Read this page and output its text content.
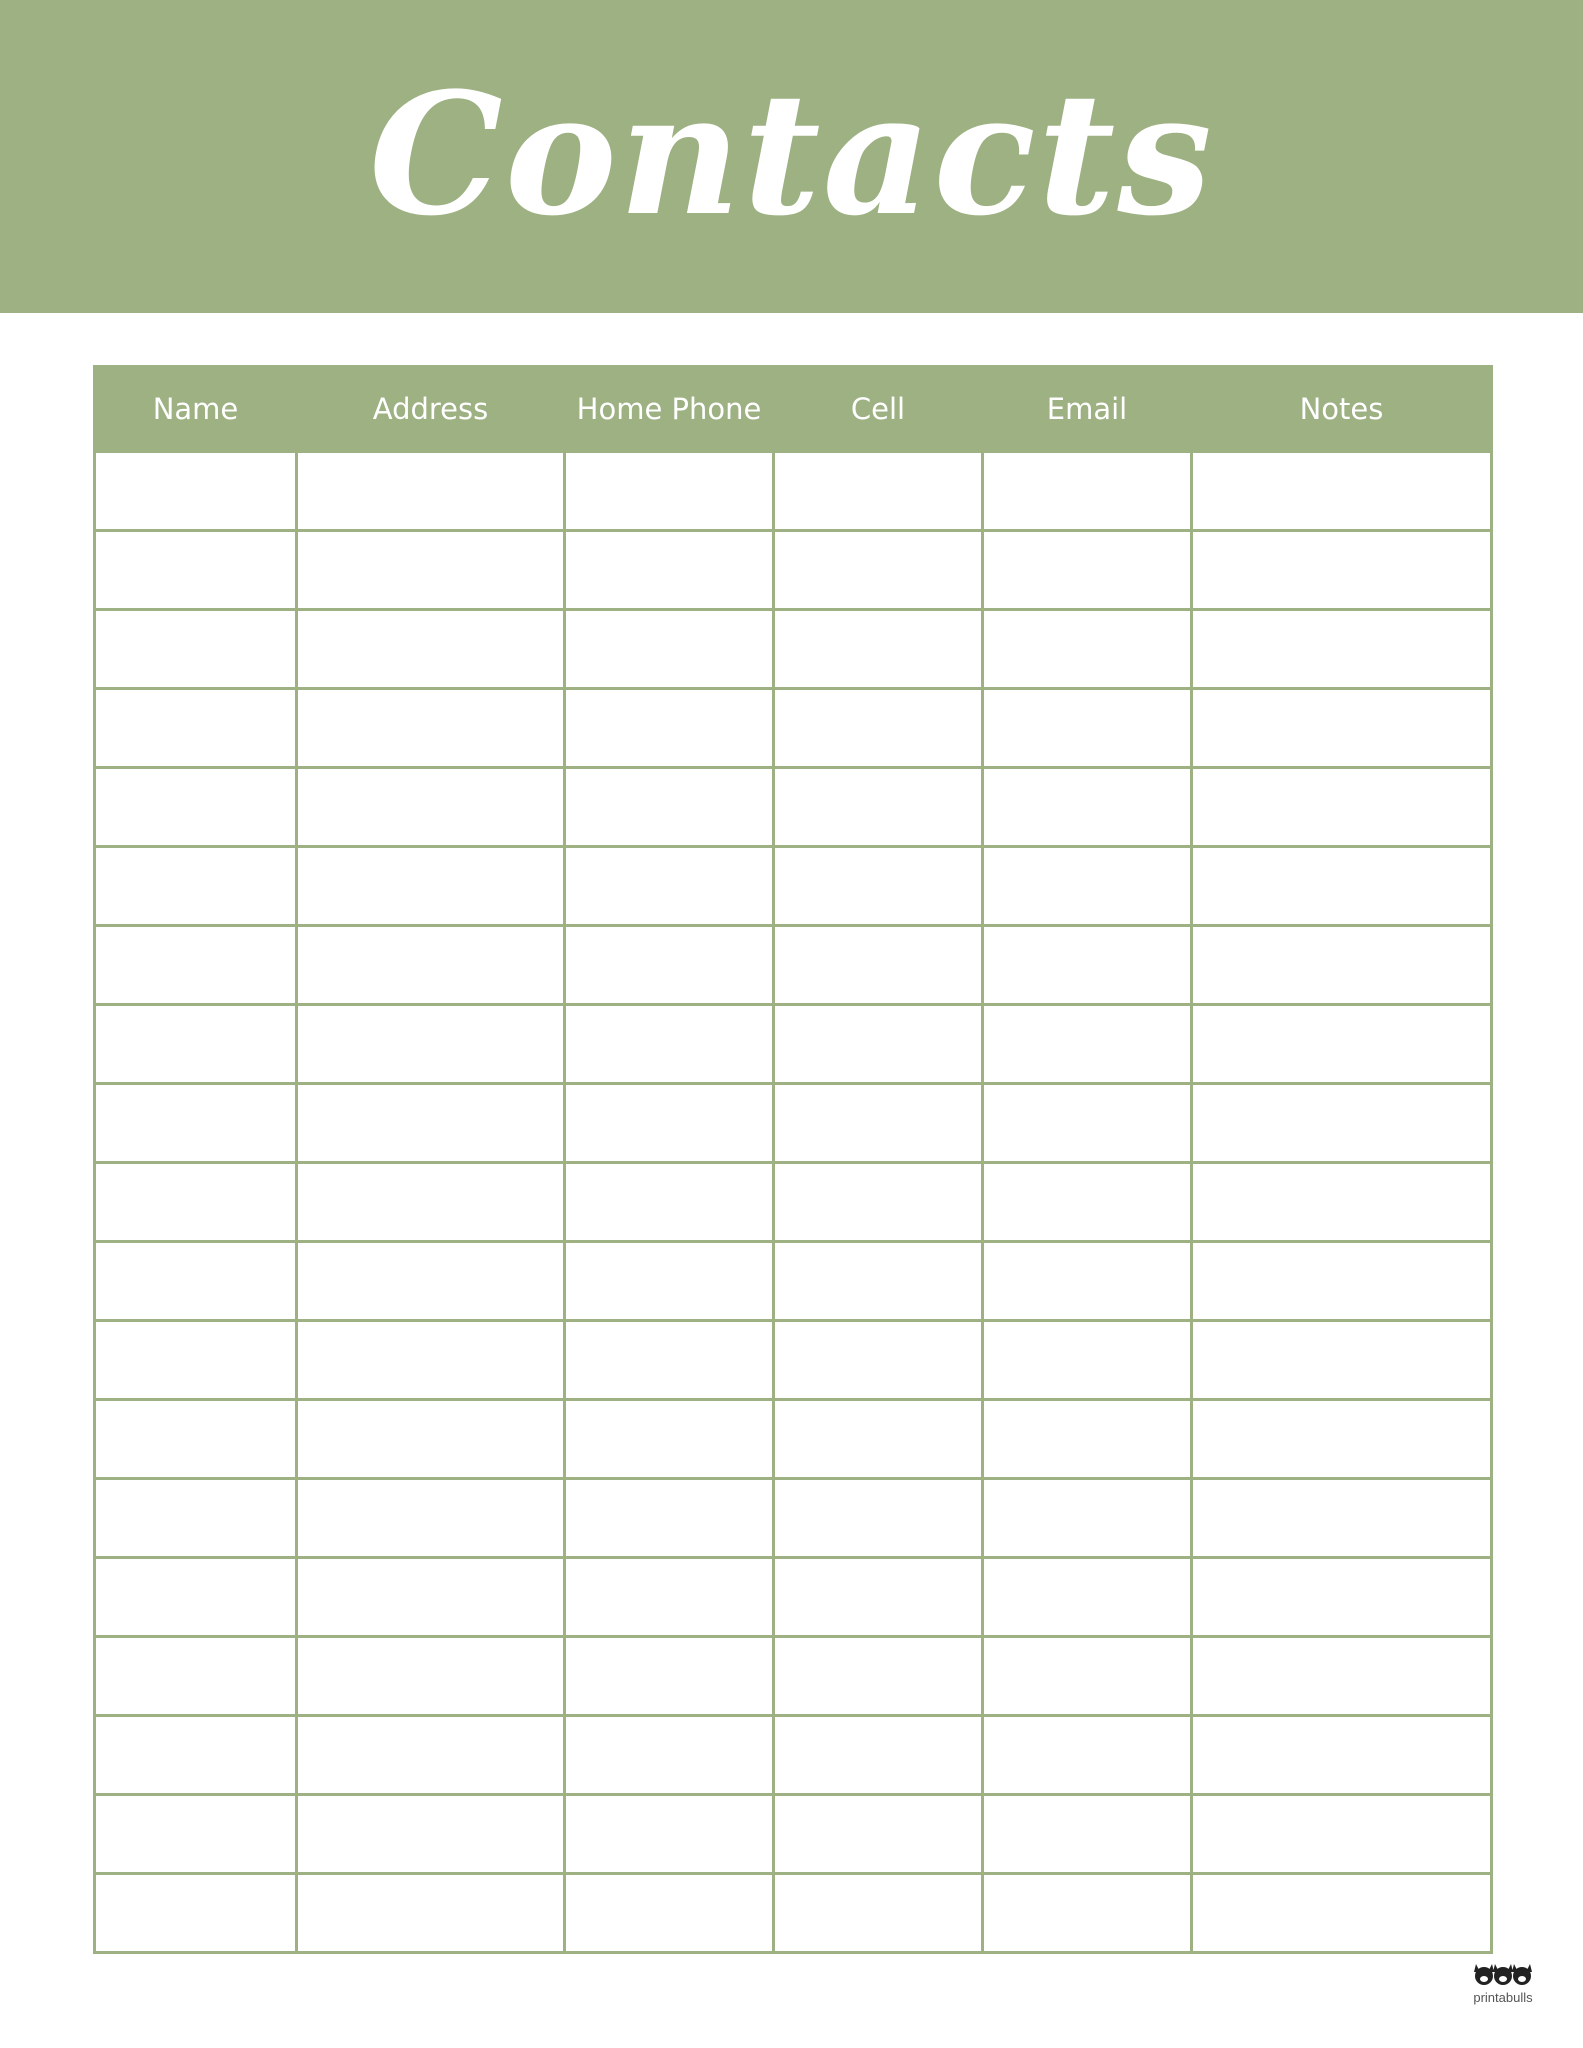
Contacts
Name	Address	Home Phone	Cell	Email	Notes

printabulls
